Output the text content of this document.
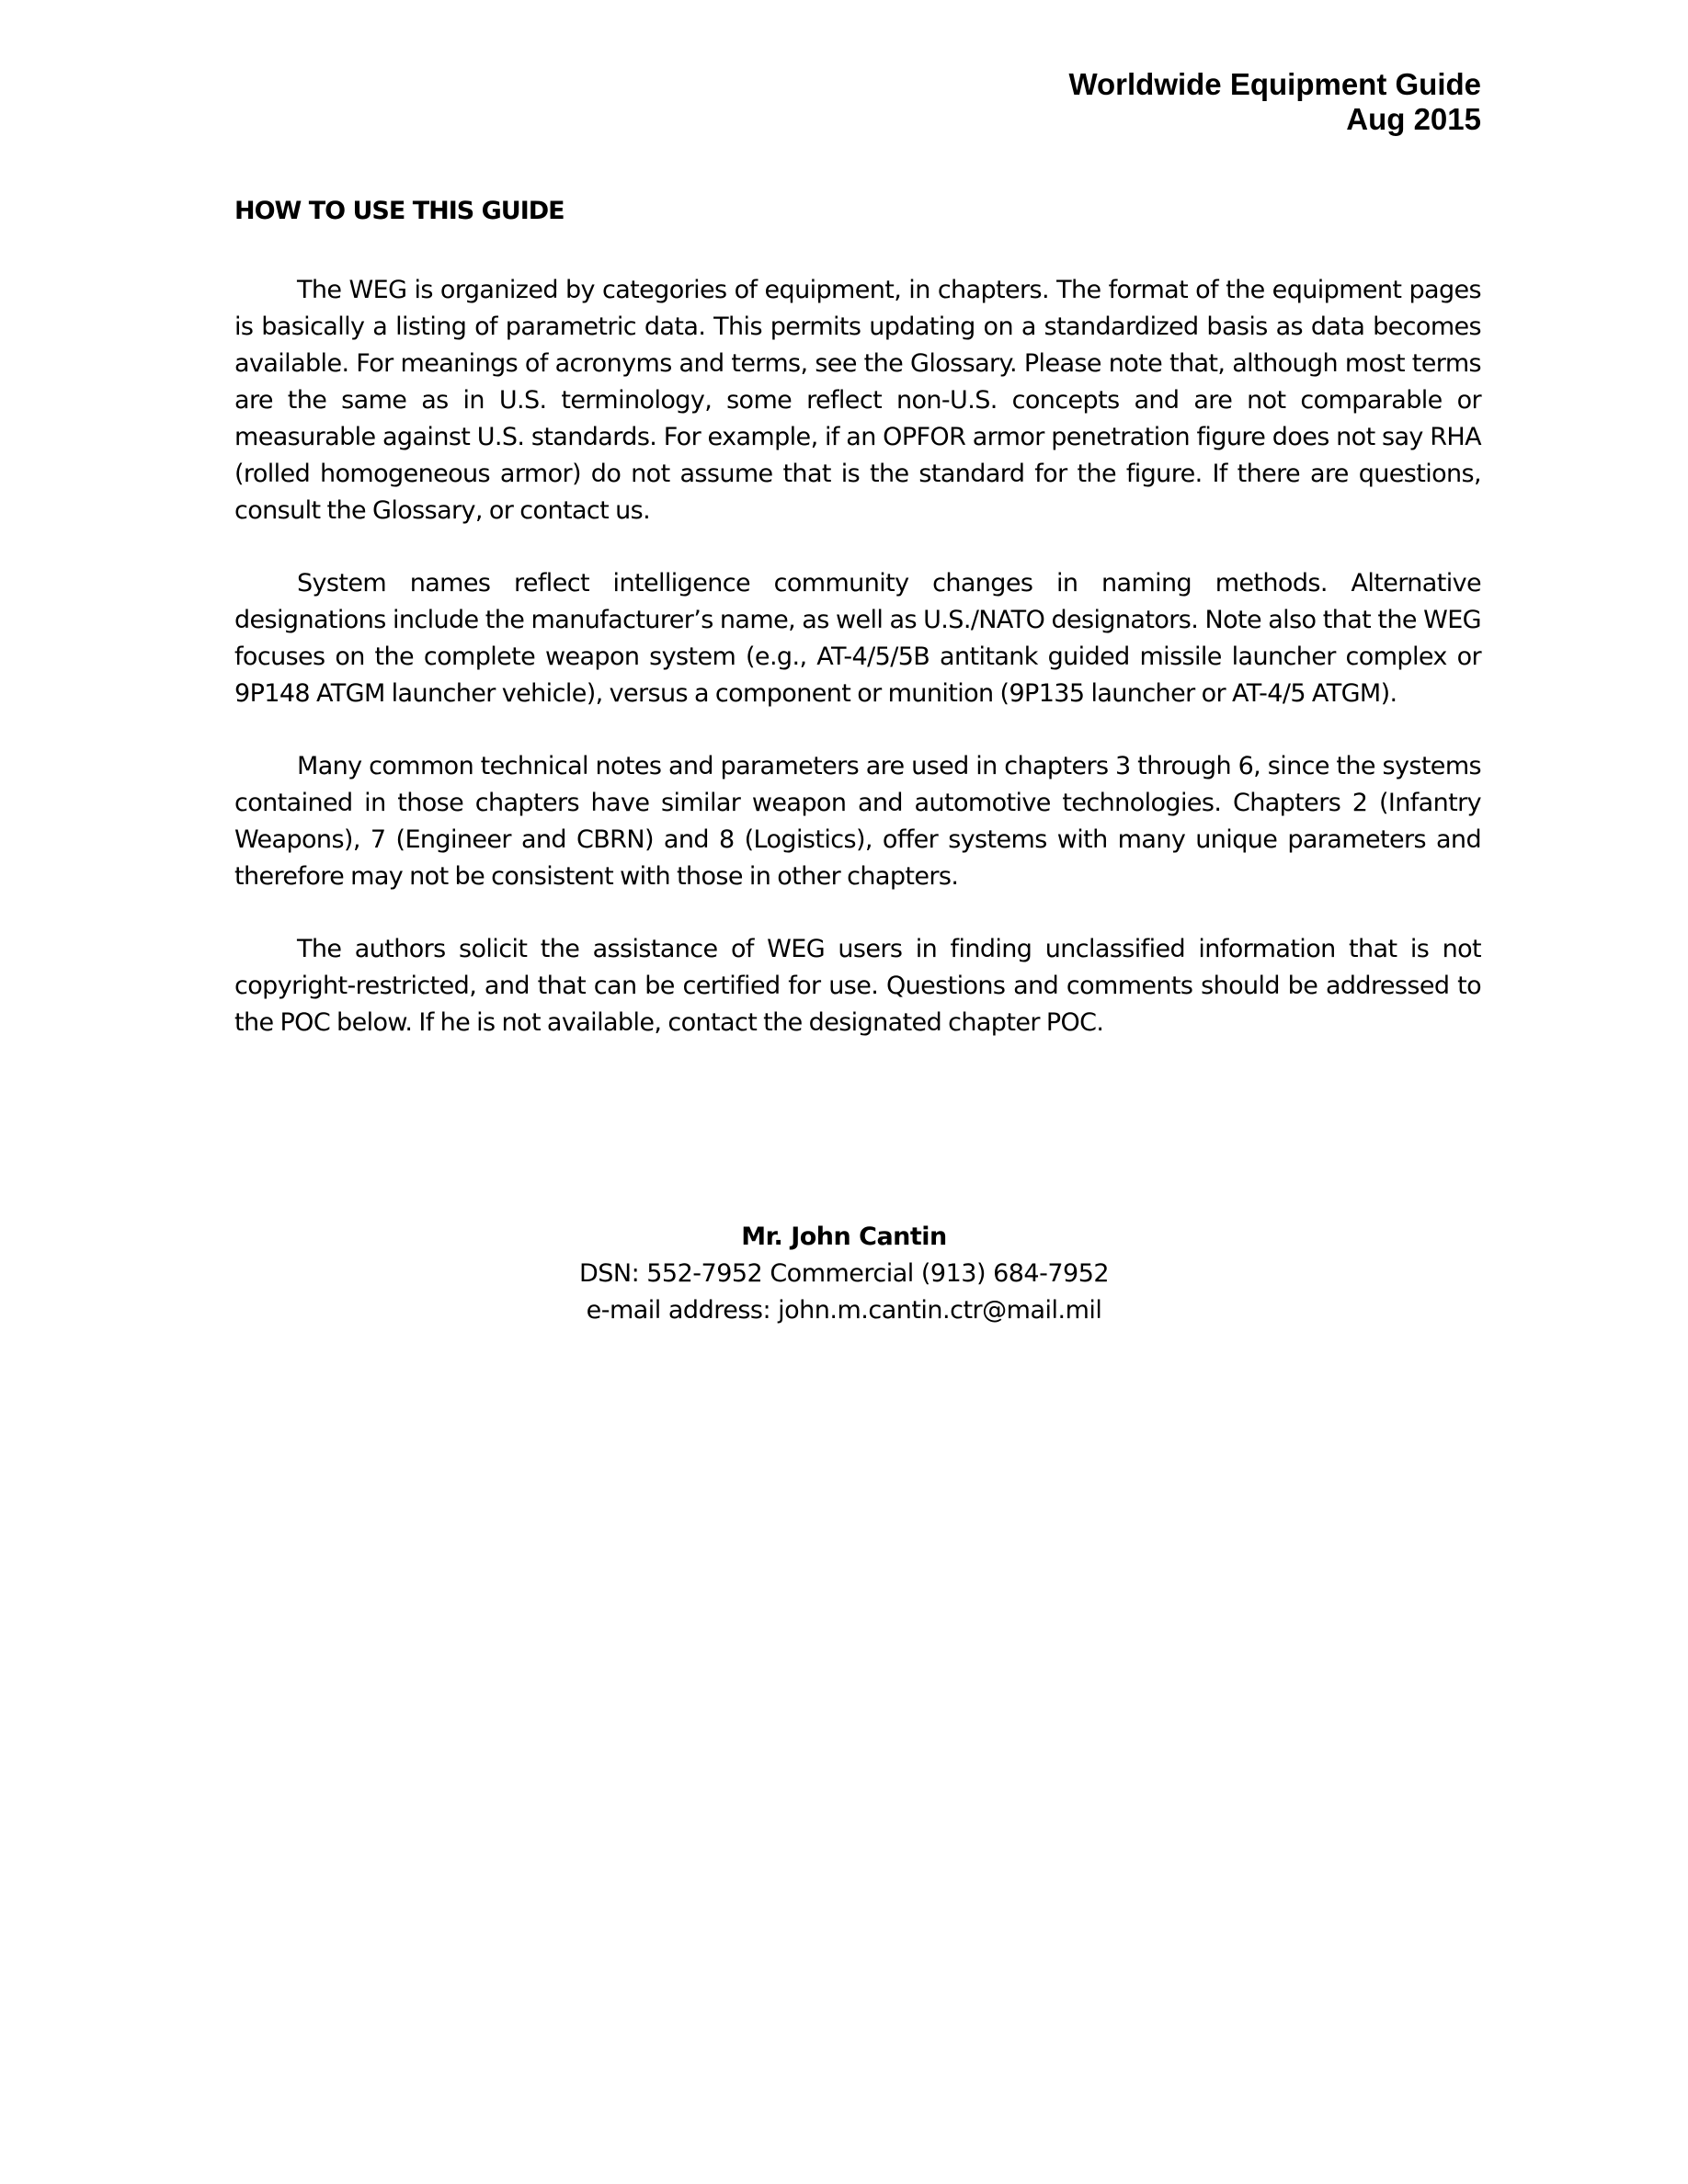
Worldwide Equipment Guide
Aug 2015
HOW TO USE THIS GUIDE

The WEG is organized by categories of equipment, in chapters. The format of the equipment pages is basically a listing of parametric data. This permits updating on a standardized basis as data becomes available. For meanings of acronyms and terms, see the Glossary. Please note that, although most terms are the same as in U.S. terminology, some reflect non-U.S. concepts and are not comparable or measurable against U.S. standards. For example, if an OPFOR armor penetration figure does not say RHA (rolled homogeneous armor) do not assume that is the standard for the figure. If there are questions, consult the Glossary, or contact us.

System names reflect intelligence community changes in naming methods. Alternative designations include the manufacturer’s name, as well as U.S./NATO designators. Note also that the WEG focuses on the complete weapon system (e.g., AT-4/5/5B antitank guided missile launcher complex or 9P148 ATGM launcher vehicle), versus a component or munition (9P135 launcher or AT-4/5 ATGM).

Many common technical notes and parameters are used in chapters 3 through 6, since the systems contained in those chapters have similar weapon and automotive technologies. Chapters 2 (Infantry Weapons), 7 (Engineer and CBRN) and 8 (Logistics), offer systems with many unique parameters and therefore may not be consistent with those in other chapters.

The authors solicit the assistance of WEG users in finding unclassified information that is not copyright-restricted, and that can be certified for use. Questions and comments should be addressed to the POC below. If he is not available, contact the designated chapter POC.

Mr. John Cantin
DSN: 552-7952 Commercial (913) 684-7952
e-mail address: john.m.cantin.ctr@mail.mil
